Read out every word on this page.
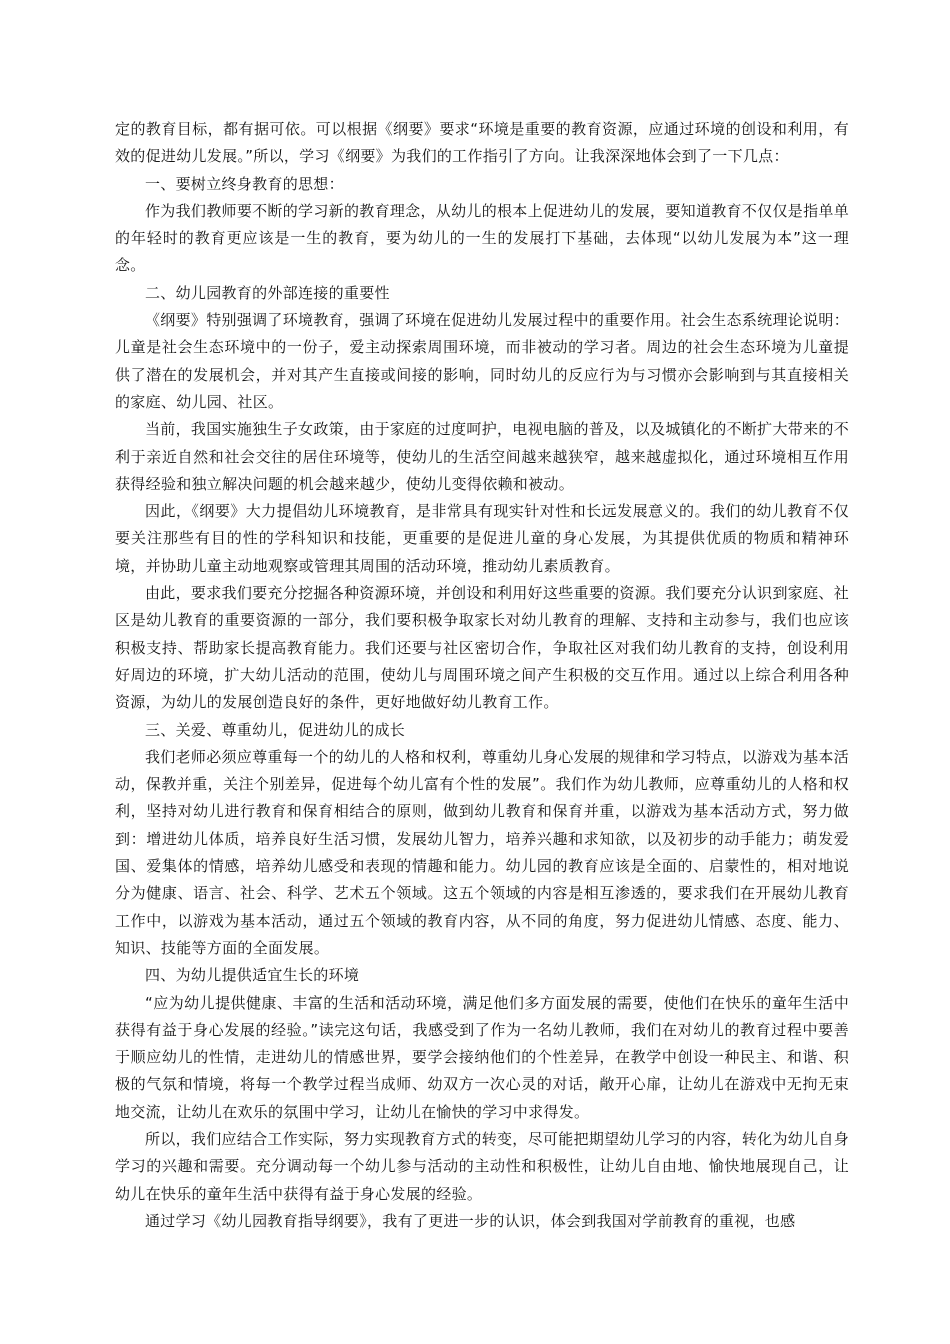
定的教育目标，都有据可依。可以根据《纲要》要求“环境是重要的教育资源，应通过环境的创设和利用，有效的促进幼儿发展。”所以，学习《纲要》为我们的工作指引了方向。让我深深地体会到了一下几点：

一、要树立终身教育的思想：

作为我们教师要不断的学习新的教育理念，从幼儿的根本上促进幼儿的发展，要知道教育不仅仅是指单单的年轻时的教育更应该是一生的教育，要为幼儿的一生的发展打下基础，去体现“以幼儿发展为本”这一理念。

二、幼儿园教育的外部连接的重要性

《纲要》特别强调了环境教育，强调了环境在促进幼儿发展过程中的重要作用。社会生态系统理论说明：儿童是社会生态环境中的一份子，爱主动探索周围环境，而非被动的学习者。周边的社会生态环境为儿童提供了潜在的发展机会，并对其产生直接或间接的影响，同时幼儿的反应行为与习惯亦会影响到与其直接相关的家庭、幼儿园、社区。

当前，我国实施独生子女政策，由于家庭的过度呵护，电视电脑的普及，以及城镇化的不断扩大带来的不利于亲近自然和社会交往的居住环境等，使幼儿的生活空间越来越狭窄，越来越虚拟化，通过环境相互作用获得经验和独立解决问题的机会越来越少，使幼儿变得依赖和被动。

因此，《纲要》大力提倡幼儿环境教育，是非常具有现实针对性和长远发展意义的。我们的幼儿教育不仅要关注那些有目的性的学科知识和技能，更重要的是促进儿童的身心发展，为其提供优质的物质和精神环境，并协助儿童主动地观察或管理其周围的活动环境，推动幼儿素质教育。

由此，要求我们要充分挖掘各种资源环境，并创设和利用好这些重要的资源。我们要充分认识到家庭、社区是幼儿教育的重要资源的一部分，我们要积极争取家长对幼儿教育的理解、支持和主动参与，我们也应该积极支持、帮助家长提高教育能力。我们还要与社区密切合作，争取社区对我们幼儿教育的支持，创设利用好周边的环境，扩大幼儿活动的范围，使幼儿与周围环境之间产生积极的交互作用。通过以上综合利用各种资源，为幼儿的发展创造良好的条件，更好地做好幼儿教育工作。

三、关爱、尊重幼儿，促进幼儿的成长

我们老师必须应尊重每一个的幼儿的人格和权利，尊重幼儿身心发展的规律和学习特点，以游戏为基本活动，保教并重，关注个别差异，促进每个幼儿富有个性的发展”。我们作为幼儿教师，应尊重幼儿的人格和权利，坚持对幼儿进行教育和保育相结合的原则，做到幼儿教育和保育并重，以游戏为基本活动方式，努力做到：增进幼儿体质，培养良好生活习惯，发展幼儿智力，培养兴趣和求知欲，以及初步的动手能力；萌发爱国、爱集体的情感，培养幼儿感受和表现的情趣和能力。幼儿园的教育应该是全面的、启蒙性的，相对地说分为健康、语言、社会、科学、艺术五个领域。这五个领域的内容是相互渗透的，要求我们在开展幼儿教育工作中，以游戏为基本活动，通过五个领域的教育内容，从不同的角度，努力促进幼儿情感、态度、能力、知识、技能等方面的全面发展。

四、为幼儿提供适宜生长的环境

“应为幼儿提供健康、丰富的生活和活动环境，满足他们多方面发展的需要，使他们在快乐的童年生活中获得有益于身心发展的经验。”读完这句话，我感受到了作为一名幼儿教师，我们在对幼儿的教育过程中要善于顺应幼儿的性情，走进幼儿的情感世界，要学会接纳他们的个性差异，在教学中创设一种民主、和谐、积极的气氛和情境，将每一个教学过程当成师、幼双方一次心灵的对话，敞开心扉，让幼儿在游戏中无拘无束地交流，让幼儿在欢乐的氛围中学习，让幼儿在愉快的学习中求得发。

所以，我们应结合工作实际，努力实现教育方式的转变，尽可能把期望幼儿学习的内容，转化为幼儿自身学习的兴趣和需要。充分调动每一个幼儿参与活动的主动性和积极性，让幼儿自由地、愉快地展现自己，让幼儿在快乐的童年生活中获得有益于身心发展的经验。

通过学习《幼儿园教育指导纲要》，我有了更进一步的认识，体会到我国对学前教育的重视，也感
